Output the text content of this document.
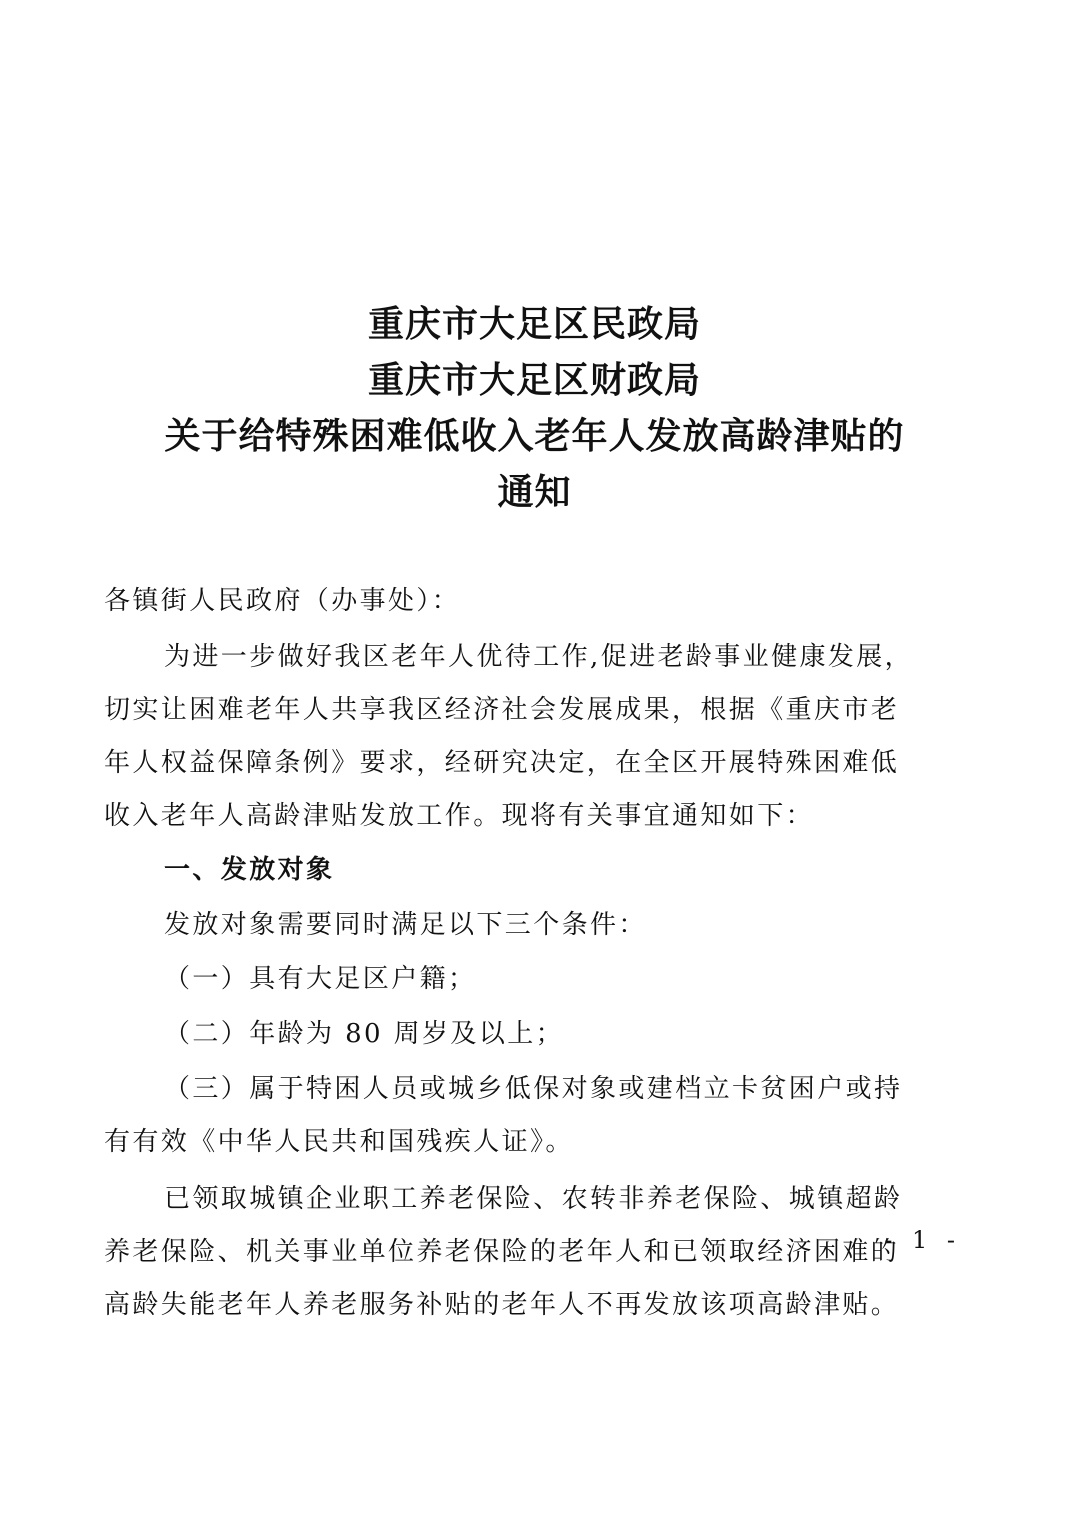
重庆市大足区民政局
重庆市大足区财政局
关于给特殊困难低收入老年人发放高龄津贴的
通知
各镇街人民政府（办事处）：
为进一步做好我区老年人优待工作,促进老龄事业健康发展，
切实让困难老年人共享我区经济社会发展成果，根据《重庆市老
年人权益保障条例》要求，经研究决定，在全区开展特殊困难低
收入老年人高龄津贴发放工作。现将有关事宜通知如下：
一、发放对象
发放对象需要同时满足以下三个条件：
（一）具有大足区户籍；
（二）年龄为 80 周岁及以上；
（三）属于特困人员或城乡低保对象或建档立卡贫困户或持
有有效《中华人民共和国残疾人证》。
已领取城镇企业职工养老保险、农转非养老保险、城镇超龄
养老保险、机关事业单位养老保险的老年人和已领取经济困难的
高龄失能老年人养老服务补贴的老年人不再发放该项高龄津贴。
- 1 -
